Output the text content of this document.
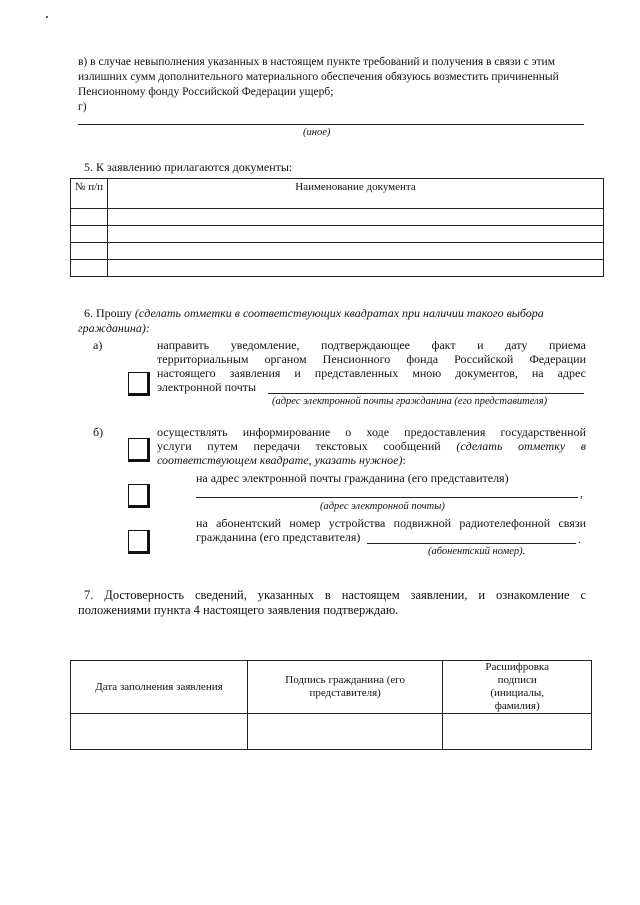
в) в случае невыполнения указанных в настоящем пункте требований и получения в связи с этим
излишних сумм дополнительного материального обеспечения обязуюсь возместить причиненный
Пенсионному фонду Российской Федерации ущерб;
г)
(иное)
5. К заявлению прилагаются документы:
№ п/п	Наименование документа

6. Прошу (сделать отметки в соответствующих квадратах при наличии такого выбора
гражданина):
а)	направить уведомление, подтверждающее факт и дату приема
территориальным органом Пенсионного фонда Российской Федерации
настоящего заявления и представленных мною документов, на адрес
электронной почты
(адрес электронной почты гражданина (его представителя)
б)	осуществлять информирование о ходе предоставления государственной
услуги путем передачи текстовых сообщений (сделать отметку в
соответствующем квадрате, указать нужное):
на адрес электронной почты гражданина (его представителя)
,
(адрес электронной почты)
на абонентский номер устройства подвижной радиотелефонной связи
гражданина (его представителя)	.
(абонентский номер).
7. Достоверность сведений, указанных в настоящем заявлении, и ознакомление с
положениями пункта 4 настоящего заявления подтверждаю.
Дата заполнения заявления	Подпись гражданина (его представителя)	Расшифровка подписи (инициалы, фамилия)
